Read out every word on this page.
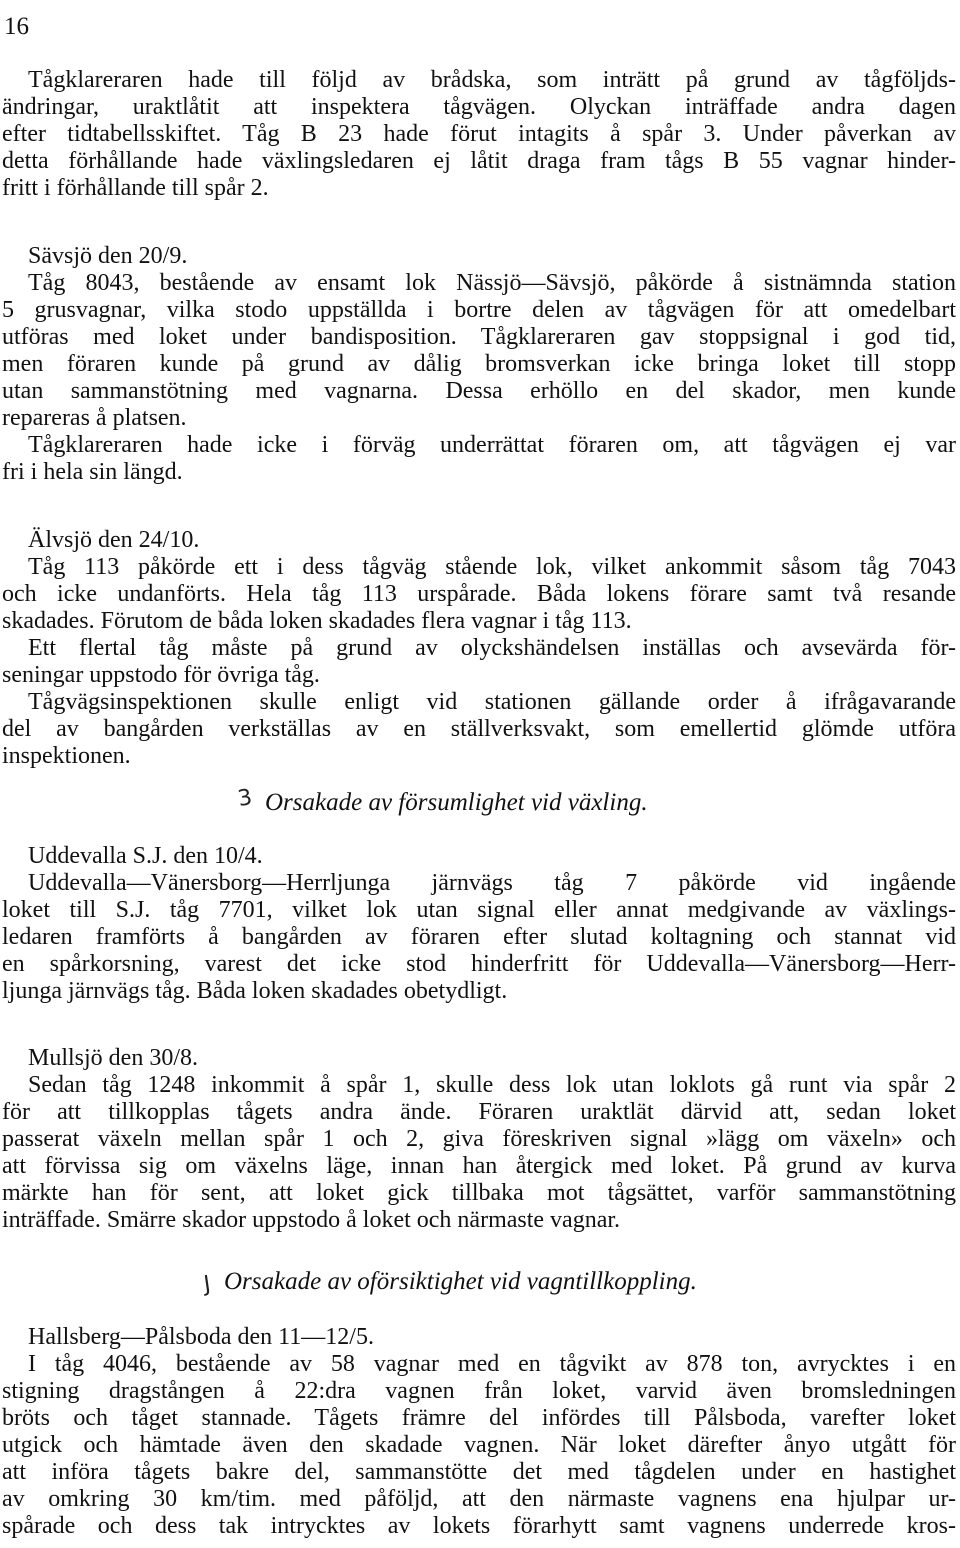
16
Tågklareraren hade till följd av brådska, som inträtt på grund av tågföljds-
ändringar, uraktlåtit att inspektera tågvägen. Olyckan inträffade andra dagen
efter tidtabellsskiftet. Tåg B 23 hade förut intagits å spår 3. Under påverkan av
detta förhållande hade växlingsledaren ej låtit draga fram tågs B 55 vagnar hinder-
fritt i förhållande till spår 2.
Sävsjö den 20/9.
Tåg 8043, bestående av ensamt lok Nässjö—Sävsjö, påkörde å sistnämnda station
5 grusvagnar, vilka stodo uppställda i bortre delen av tågvägen för att omedelbart
utföras med loket under bandisposition. Tågklareraren gav stoppsignal i god tid,
men föraren kunde på grund av dålig bromsverkan icke bringa loket till stopp
utan sammanstötning med vagnarna. Dessa erhöllo en del skador, men kunde
repareras å platsen.
Tågklareraren hade icke i förväg underrättat föraren om, att tågvägen ej var
fri i hela sin längd.
Älvsjö den 24/10.
Tåg 113 påkörde ett i dess tågväg stående lok, vilket ankommit såsom tåg 7043
och icke undanförts. Hela tåg 113 urspårade. Båda lokens förare samt två resande
skadades. Förutom de båda loken skadades flera vagnar i tåg 113.
Ett flertal tåg måste på grund av olyckshändelsen inställas och avsevärda för-
seningar uppstodo för övriga tåg.
Tågvägsinspektionen skulle enligt vid stationen gällande order å ifrågavarande
del av bangården verkställas av en ställverksvakt, som emellertid glömde utföra
inspektionen.
3 Orsakade av försumlighet vid växling.
Uddevalla S.J. den 10/4.
Uddevalla—Vänersborg—Herrljunga järnvägs tåg 7 påkörde vid ingående
loket till S.J. tåg 7701, vilket lok utan signal eller annat medgivande av växlings-
ledaren framförts å bangården av föraren efter slutad koltagning och stannat vid
en spårkorsning, varest det icke stod hinderfritt för Uddevalla—Vänersborg—Herr-
ljunga järnvägs tåg. Båda loken skadades obetydligt.
Mullsjö den 30/8.
Sedan tåg 1248 inkommit å spår 1, skulle dess lok utan loklots gå runt via spår 2
för att tillkopplas tågets andra ände. Föraren uraktlät därvid att, sedan loket
passerat växeln mellan spår 1 och 2, giva föreskriven signal »lägg om växeln» och
att förvissa sig om växelns läge, innan han återgick med loket. På grund av kurva
märkte han för sent, att loket gick tillbaka mot tågsättet, varför sammanstötning
inträffade. Smärre skador uppstodo å loket och närmaste vagnar.
J Orsakade av oförsiktighet vid vagntillkoppling.
Hallsberg—Pålsboda den 11—12/5.
I tåg 4046, bestående av 58 vagnar med en tågvikt av 878 ton, avrycktes i en
stigning dragstången å 22:dra vagnen från loket, varvid även bromsledningen
bröts och tåget stannade. Tågets främre del infördes till Pålsboda, varefter loket
utgick och hämtade även den skadade vagnen. När loket därefter ånyo utgått för
att införa tågets bakre del, sammanstötte det med tågdelen under en hastighet
av omkring 30 km/tim. med påföljd, att den närmaste vagnens ena hjulpar ur-
spårade och dess tak intrycktes av lokets förarhytt samt vagnens underrede kros-
